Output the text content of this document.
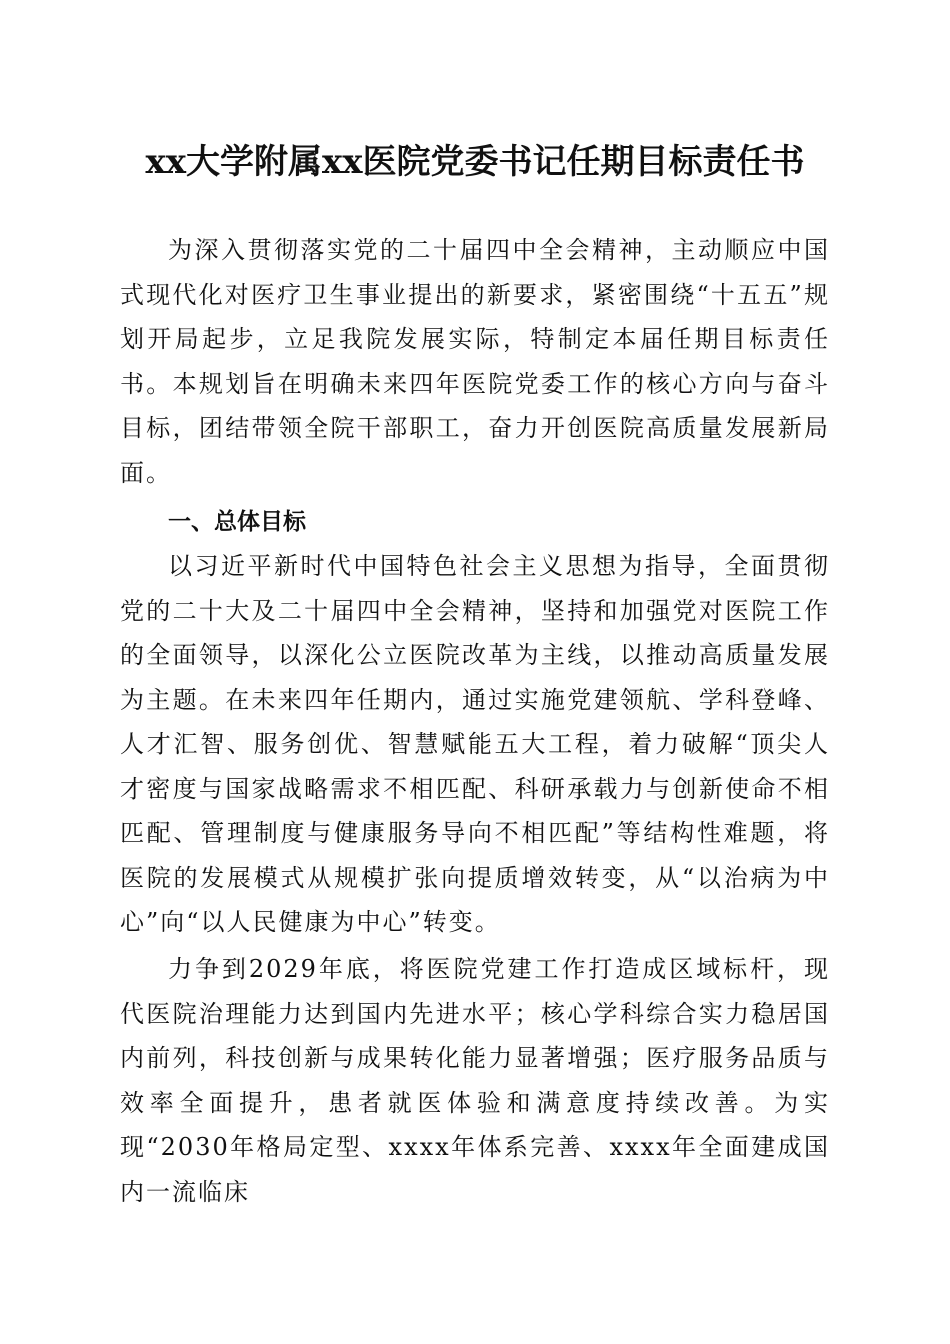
xx大学附属xx医院党委书记任期目标责任书

为深入贯彻落实党的二十届四中全会精神，主动顺应中国式现代化对医疗卫生事业提出的新要求，紧密围绕“十五五”规划开局起步，立足我院发展实际，特制定本届任期目标责任书。本规划旨在明确未来四年医院党委工作的核心方向与奋斗目标，团结带领全院干部职工，奋力开创医院高质量发展新局面。

一、总体目标

以习近平新时代中国特色社会主义思想为指导，全面贯彻党的二十大及二十届四中全会精神，坚持和加强党对医院工作的全面领导，以深化公立医院改革为主线，以推动高质量发展为主题。在未来四年任期内，通过实施党建领航、学科登峰、人才汇智、服务创优、智慧赋能五大工程，着力破解“顶尖人才密度与国家战略需求不相匹配、科研承载力与创新使命不相匹配、管理制度与健康服务导向不相匹配”等结构性难题，将医院的发展模式从规模扩张向提质增效转变，从“以治病为中心”向“以人民健康为中心”转变。

力争到2029年底，将医院党建工作打造成区域标杆，现代医院治理能力达到国内先进水平；核心学科综合实力稳居国内前列，科技创新与成果转化能力显著增强；医疗服务品质与效率全面提升，患者就医体验和满意度持续改善。为实现“2030年格局定型、xxxx年体系完善、xxxx年全面建成国内一流临床
